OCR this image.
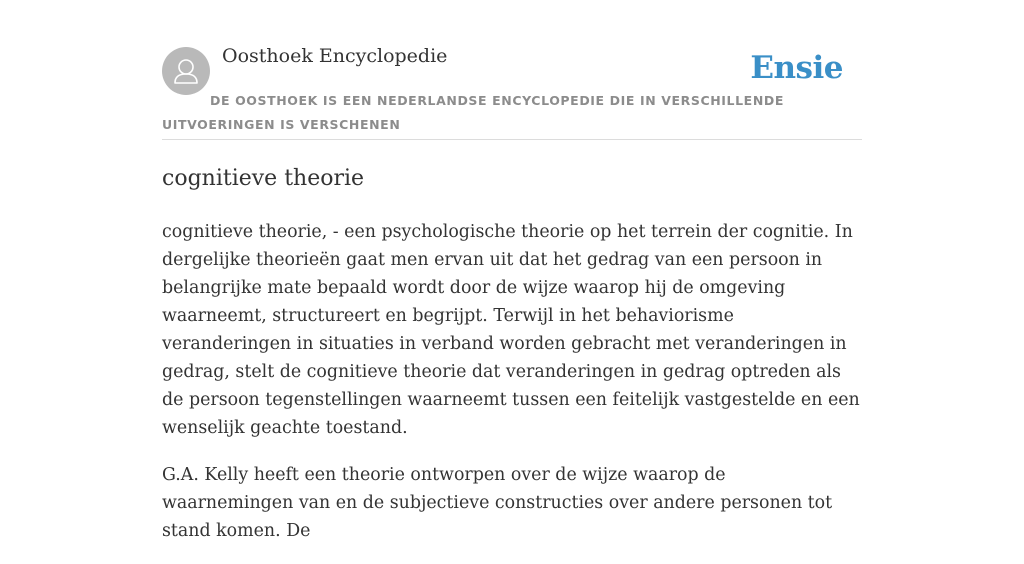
Oosthoek Encyclopedie	Ensie
DE OOSTHOEK IS EEN NEDERLANDSE ENCYCLOPEDIE DIE IN VERSCHILLENDE UITVOERINGEN IS VERSCHENEN
cognitieve theorie

cognitieve theorie, - een psychologische theorie op het terrein der cognitie. In dergelijke theorieën gaat men ervan uit dat het gedrag van een persoon in belangrijke mate bepaald wordt door de wijze waarop hij de omgeving waarneemt, structureert en begrijpt. Terwijl in het behaviorisme veranderingen in situaties in verband worden gebracht met veranderingen in gedrag, stelt de cognitieve theorie dat veranderingen in gedrag optreden als de persoon tegenstellingen waarneemt tussen een feitelijk vastgestelde en een wenselijk geachte toestand.

G.A. Kelly heeft een theorie ontworpen over de wijze waarop de waarnemingen van en de subjectieve constructies over andere personen tot stand komen. De
